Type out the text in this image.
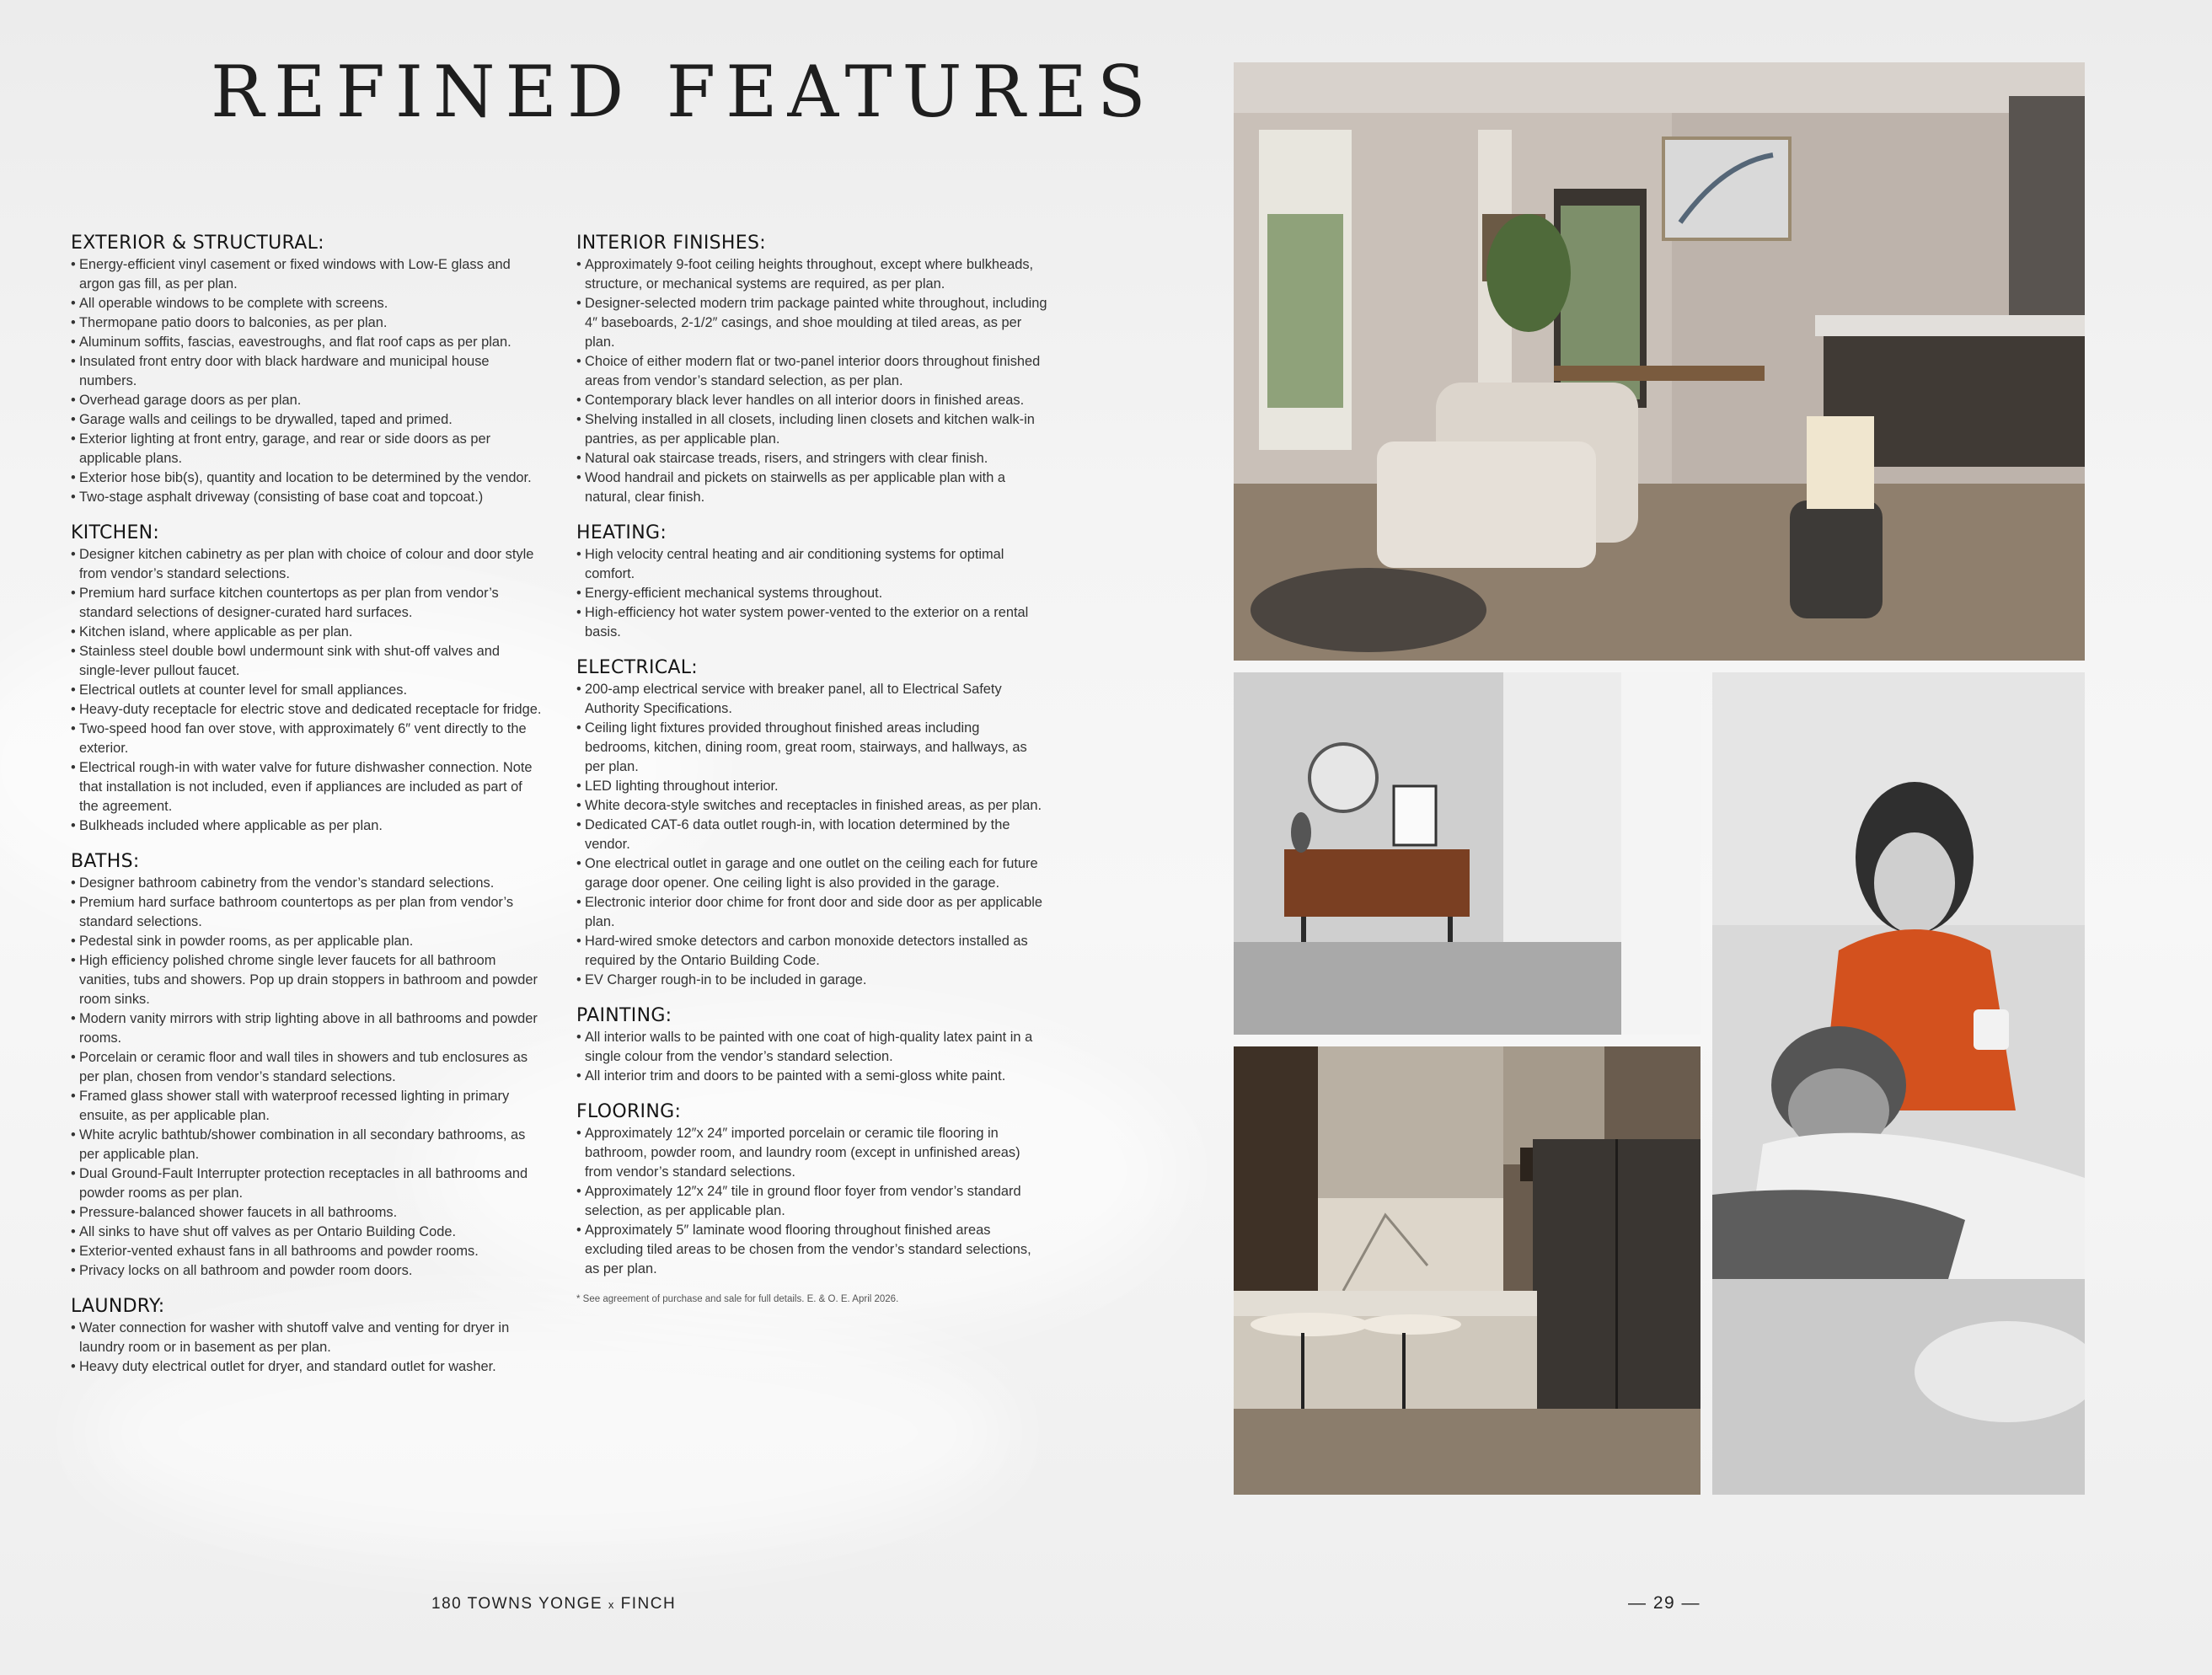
REFINED FEATURES
EXTERIOR & STRUCTURAL:
• Energy-efficient vinyl casement or fixed windows with Low-E glass and argon gas fill, as per plan.
• All operable windows to be complete with screens.
• Thermopane patio doors to balconies, as per plan.
• Aluminum soffits, fascias, eavestroughs, and flat roof caps as per plan.
• Insulated front entry door with black hardware and municipal house numbers.
• Overhead garage doors as per plan.
• Garage walls and ceilings to be drywalled, taped and primed.
• Exterior lighting at front entry, garage, and rear or side doors as per applicable plans.
• Exterior hose bib(s), quantity and location to be determined by the vendor.
• Two-stage asphalt driveway (consisting of base coat and topcoat.)
KITCHEN:
• Designer kitchen cabinetry as per plan with choice of colour and door style from vendor’s standard selections.
• Premium hard surface kitchen countertops as per plan from vendor’s standard selections of designer-curated hard surfaces.
• Kitchen island, where applicable as per plan.
• Stainless steel double bowl undermount sink with shut-off valves and single-lever pullout faucet.
• Electrical outlets at counter level for small appliances.
• Heavy-duty receptacle for electric stove and dedicated receptacle for fridge.
• Two-speed hood fan over stove, with approximately 6″ vent directly to the exterior.
• Electrical rough-in with water valve for future dishwasher connection. Note that installation is not included, even if appliances are included as part of the agreement.
• Bulkheads included where applicable as per plan.
BATHS:
• Designer bathroom cabinetry from the vendor’s standard selections.
• Premium hard surface bathroom countertops as per plan from vendor’s standard selections.
• Pedestal sink in powder rooms, as per applicable plan.
• High efficiency polished chrome single lever faucets for all bathroom vanities, tubs and showers. Pop up drain stoppers in bathroom and powder room sinks.
• Modern vanity mirrors with strip lighting above in all bathrooms and powder rooms.
• Porcelain or ceramic floor and wall tiles in showers and tub enclosures as per plan, chosen from vendor’s standard selections.
• Framed glass shower stall with waterproof recessed lighting in primary ensuite, as per applicable plan.
• White acrylic bathtub/shower combination in all secondary bathrooms, as per applicable plan.
• Dual Ground-Fault Interrupter protection receptacles in all bathrooms and powder rooms as per plan.
• Pressure-balanced shower faucets in all bathrooms.
• All sinks to have shut off valves as per Ontario Building Code.
• Exterior-vented exhaust fans in all bathrooms and powder rooms.
• Privacy locks on all bathroom and powder room doors.
LAUNDRY:
• Water connection for washer with shutoff valve and venting for dryer in laundry room or in basement as per plan.
• Heavy duty electrical outlet for dryer, and standard outlet for washer.
INTERIOR FINISHES:
• Approximately 9-foot ceiling heights throughout, except where bulkheads, structure, or mechanical systems are required, as per plan.
• Designer-selected modern trim package painted white throughout, including 4″ baseboards, 2-1/2″ casings, and shoe moulding at tiled areas, as per plan.
• Choice of either modern flat or two-panel interior doors throughout finished areas from vendor’s standard selection, as per plan.
• Contemporary black lever handles on all interior doors in finished areas.
• Shelving installed in all closets, including linen closets and kitchen walk-in pantries, as per applicable plan.
• Natural oak staircase treads, risers, and stringers with clear finish.
• Wood handrail and pickets on stairwells as per applicable plan with a natural, clear finish.
HEATING:
• High velocity central heating and air conditioning systems for optimal comfort.
• Energy-efficient mechanical systems throughout.
• High-efficiency hot water system power-vented to the exterior on a rental basis.
ELECTRICAL:
• 200-amp electrical service with breaker panel, all to Electrical Safety Authority Specifications.
• Ceiling light fixtures provided throughout finished areas including bedrooms, kitchen, dining room, great room, stairways, and hallways, as per plan.
• LED lighting throughout interior.
• White decora-style switches and receptacles in finished areas, as per plan.
• Dedicated CAT-6 data outlet rough-in, with location determined by the vendor.
• One electrical outlet in garage and one outlet on the ceiling each for future garage door opener. One ceiling light is also provided in the garage.
• Electronic interior door chime for front door and side door as per applicable plan.
• Hard-wired smoke detectors and carbon monoxide detectors installed as required by the Ontario Building Code.
• EV Charger rough-in to be included in garage.
PAINTING:
• All interior walls to be painted with one coat of high-quality latex paint in a single colour from the vendor’s standard selection.
• All interior trim and doors to be painted with a semi-gloss white paint.
FLOORING:
• Approximately 12″x 24″ imported porcelain or ceramic tile flooring in bathroom, powder room, and laundry room (except in unfinished areas) from vendor’s standard selections.
• Approximately 12″x 24″ tile in ground floor foyer from vendor’s standard selection, as per applicable plan.
• Approximately 5″ laminate wood flooring throughout finished areas excluding tiled areas to be chosen from the vendor’s standard selections, as per plan.
* See agreement of purchase and sale for full details. E. & O. E. April 2026.
180 TOWNS YONGE x FINCH	— 29 —
